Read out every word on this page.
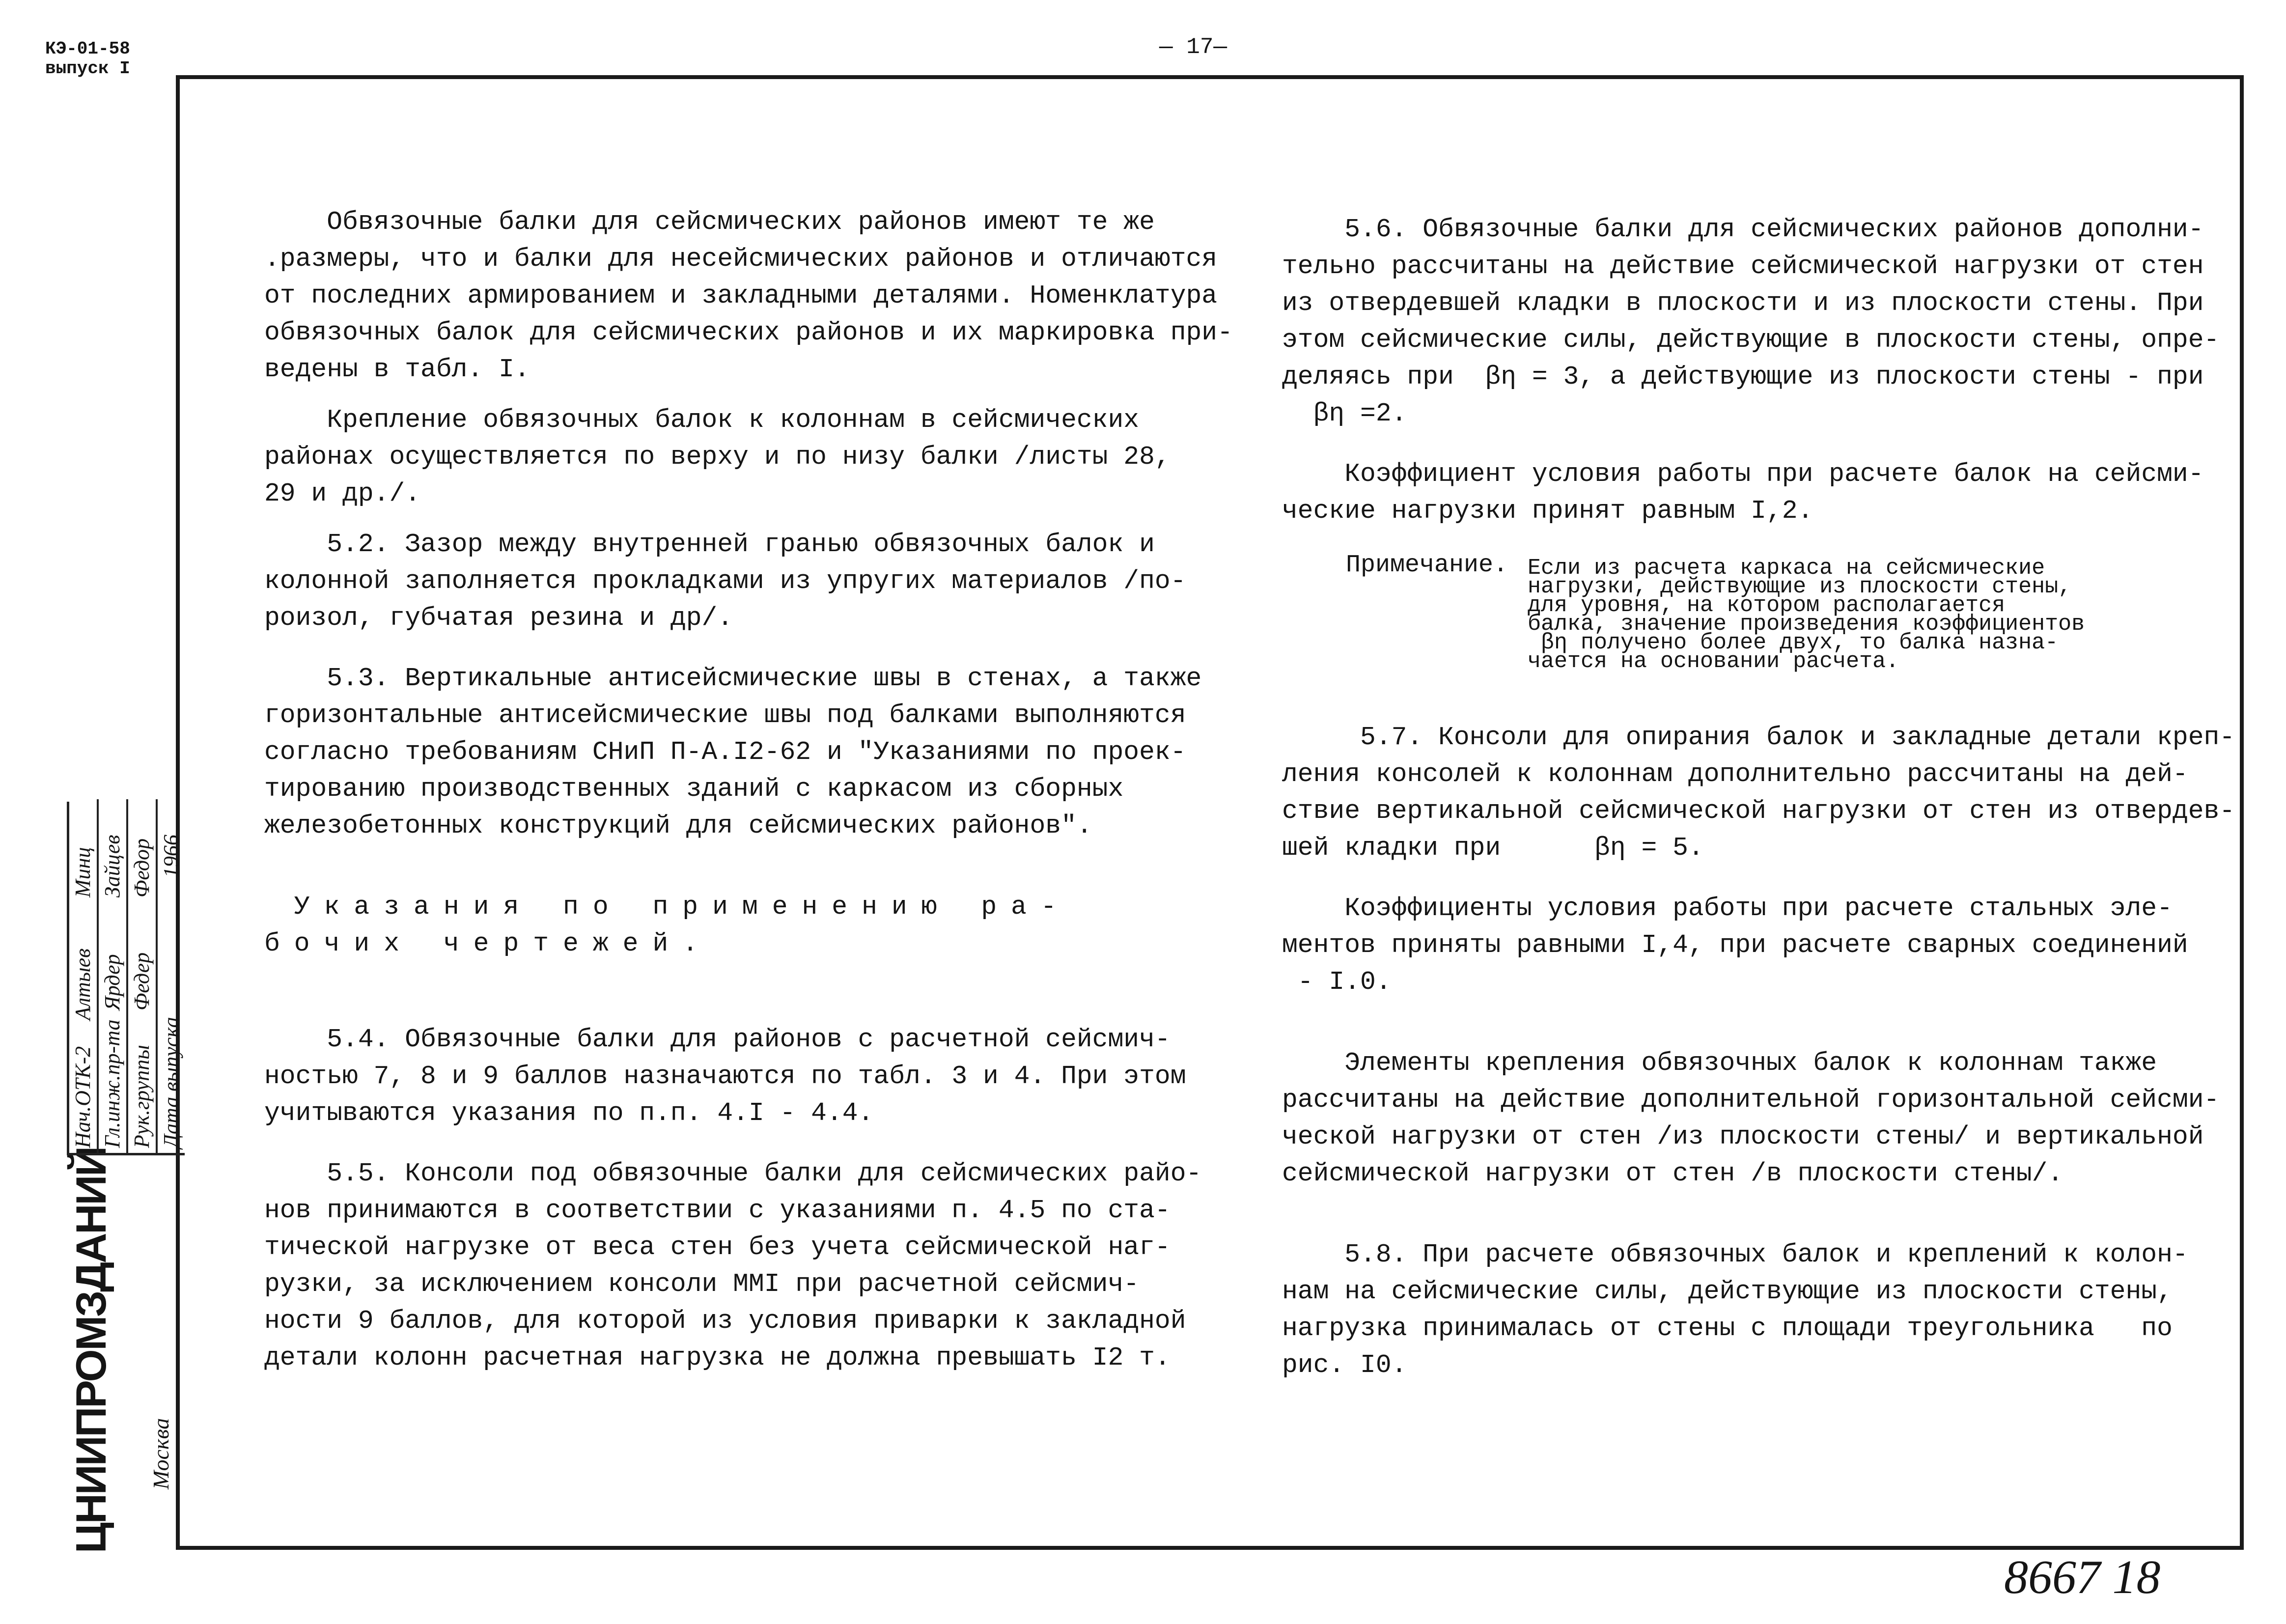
КЭ-01-58
выпуск I
— 17—

Обвязочные балки для сейсмических районов имеют те же

.размеры, что и балки для несейсмических районов и отличаются

от последних армированием и закладными деталями. Номенклатура

обвязочных балок для сейсмических районов и их маркировка при-

ведены в табл. I.

Крепление обвязочных балок к колоннам в сейсмических

районах осуществляется по верху и по низу балки /листы 28,

29 и др./.

5.2. Зазор между внутренней гранью обвязочных балок и

колонной заполняется прокладками из упругих материалов /по-

роизол, губчатая резина и др/.

5.3. Вертикальные антисейсмические швы в стенах, а также

горизонтальные антисейсмические швы под балками выполняются

согласно требованиям СНиП П-А.I2-62 и "Указаниями по проек-

тированию производственных зданий с каркасом из сборных

железобетонных конструкций для сейсмических районов".

Указания по применению ра-

бочих чертежей.

5.4. Обвязочные балки для районов с расчетной сейсмич-

ностью 7, 8 и 9 баллов назначаются по табл. 3 и 4. При этом

учитываются указания по п.п. 4.I - 4.4.

5.5. Консоли под обвязочные балки для сейсмических райо-

нов принимаются в соответствии с указаниями п. 4.5 по ста-

тической нагрузке от веса стен без учета сейсмической наг-

рузки, за исключением консоли ММI при расчетной сейсмич-

ности 9 баллов, для которой из условия приварки к закладной

детали колонн расчетная нагрузка не должна превышать I2 т.

5.6. Обвязочные балки для сейсмических районов дополни-

тельно рассчитаны на действие сейсмической нагрузки от стен

из отвердевшей кладки в плоскости и из плоскости стены. При

этом сейсмические силы, действующие в плоскости стены, опре-

деляясь при  βη = 3, а действующие из плоскости стены - при

βη =2.

Коэффициент условия работы при расчете балок на сейсми-

ческие нагрузки принят равным I,2.

Примечание. Если из расчета каркаса на сейсмические

нагрузки, действующие из плоскости стены,

для уровня, на котором располагается

балка, значение произведения коэффициентов

βη получено более двух, то балка назна-

чается на основании расчета.

5.7. Консоли для опирания балок и закладные детали креп-

ления консолей к колоннам дополнительно рассчитаны на дей-

ствие вертикальной сейсмической нагрузки от стен из отвердев-

шей кладки при      βη = 5.

Коэффициенты условия работы при расчете стальных эле-

ментов приняты равными I,4, при расчете сварных соединений

- I.0.

Элементы крепления обвязочных балок к колоннам также

рассчитаны на действие дополнительной горизонтальной сейсми-

ческой нагрузки от стен /из плоскости стены/ и вертикальной

сейсмической нагрузки от стен /в плоскости стены/.

5.8. При расчете обвязочных балок и креплений к колон-

нам на сейсмические силы, действующие из плоскости стены,

нагрузка принималась от стены с площади треугольника   по

рис. I0.

ЦНИИПРОМЗДАНИЙ Москва
Нач.ОТК-2
Алтыев
Минц
Гл.инж.пр-та
Ярдер
Зайцев
Рук.группы
Федер
Федор
Дата выпуска
1966
8667 18
